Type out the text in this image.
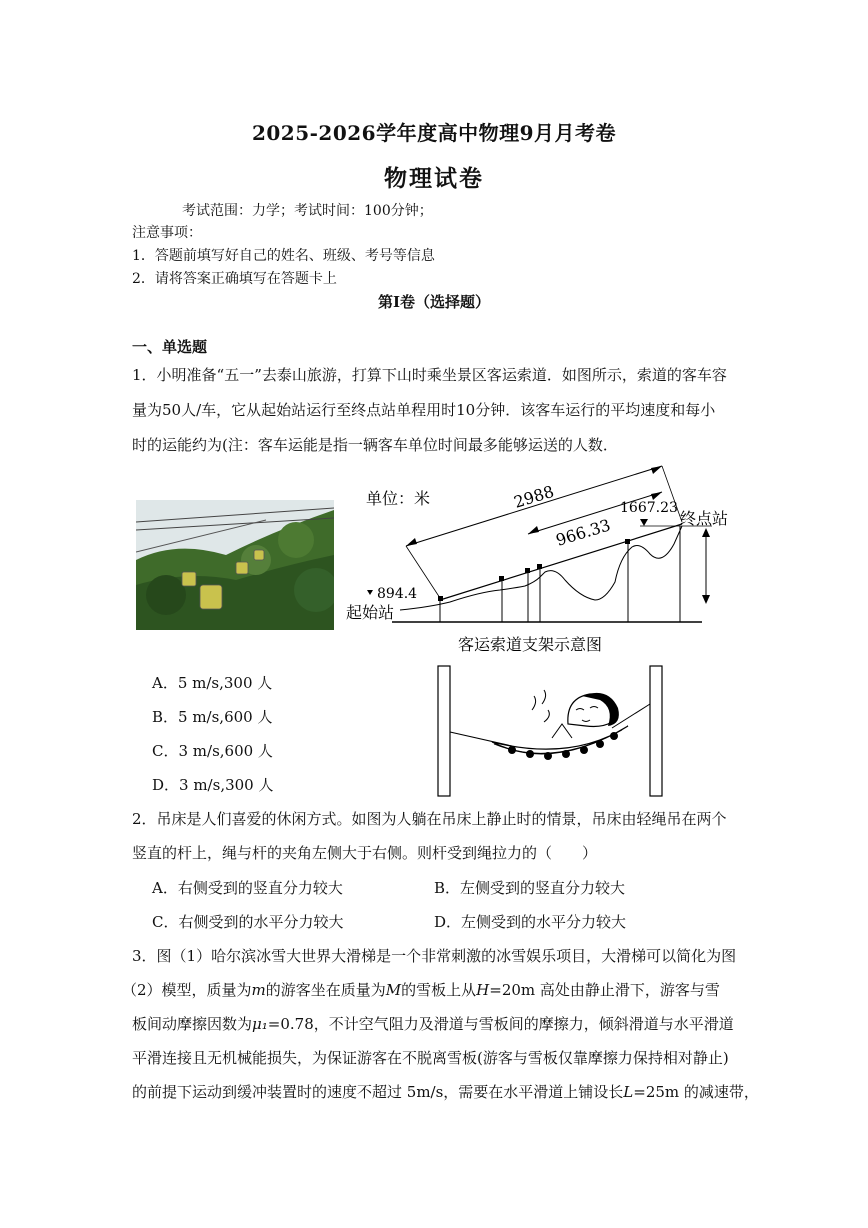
2025-2026学年度高中物理9月月考卷
物理试卷
考试范围：力学；考试时间：100分钟；
注意事项：
1．答题前填写好自己的姓名、班级、考号等信息
2．请将答案正确填写在答题卡上
第Ⅰ卷（选择题）
一、单选题
1．小明准备“五一”去泰山旅游，打算下山时乘坐景区客运索道．如图所示，索道的客车容
量为50人/车，它从起始站运行至终点站单程用时10分钟．该客车运行的平均速度和每小
时的运能约为(注：客车运能是指一辆客车单位时间最多能够运送的人数．
单位：米	2988
966.33
1667.23
894.4
起始站
终点站
客运索道支架示意图
A．5 m/s,300 人
B．5 m/s,600 人
C．3 m/s,600 人
D．3 m/s,300 人
2．吊床是人们喜爱的休闲方式。如图为人躺在吊床上静止时的情景，吊床由轻绳吊在两个
竖直的杆上，绳与杆的夹角左侧大于右侧。则杆受到绳拉力的（　　）
A．右侧受到的竖直分力较大	B．左侧受到的竖直分力较大
C．右侧受到的水平分力较大	D．左侧受到的水平分力较大
3．图（1）哈尔滨冰雪大世界大滑梯是一个非常刺激的冰雪娱乐项目，大滑梯可以简化为图
（2）模型，质量为m的游客坐在质量为M的雪板上从H=20m 高处由静止滑下，游客与雪
板间动摩擦因数为μ₁=0.78，不计空气阻力及滑道与雪板间的摩擦力，倾斜滑道与水平滑道
平滑连接且无机械能损失，为保证游客在不脱离雪板(游客与雪板仅靠摩擦力保持相对静止)
的前提下运动到缓冲装置时的速度不超过 5m/s，需要在水平滑道上铺设长L=25m 的减速带，
